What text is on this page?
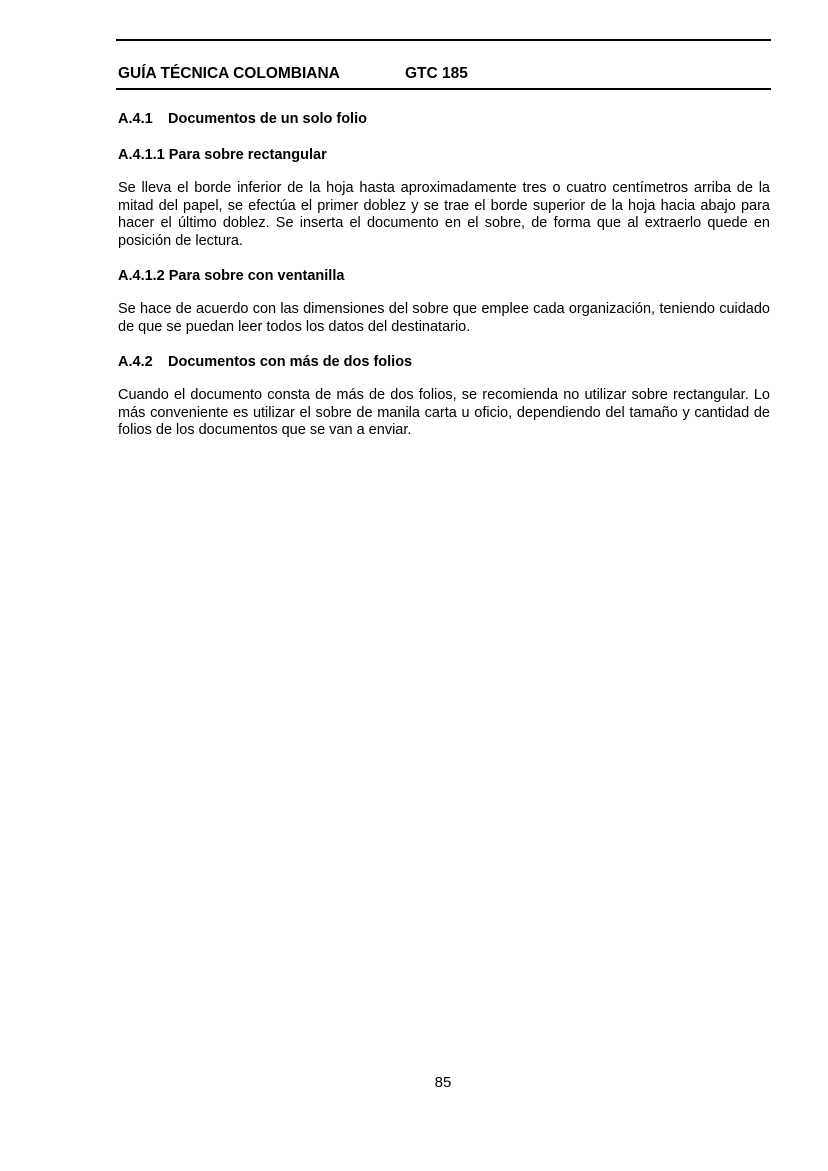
GUÍA TÉCNICA COLOMBIANA	GTC 185

A.4.1 Documentos de un solo folio

A.4.1.1 Para sobre rectangular

Se lleva el borde inferior de la hoja hasta aproximadamente tres o cuatro centímetros arriba de la mitad del papel, se efectúa el primer doblez y se trae el borde superior de la hoja hacia abajo para hacer el último doblez. Se inserta el documento en el sobre, de forma que al extraerlo quede en posición de lectura.

A.4.1.2 Para sobre con ventanilla

Se hace de acuerdo con las dimensiones del sobre que emplee cada organización, teniendo cuidado de que se puedan leer todos los datos del destinatario.

A.4.2 Documentos con más de dos folios

Cuando el documento consta de más de dos folios, se recomienda no utilizar sobre rectangular. Lo más conveniente es utilizar el sobre de manila carta u oficio, dependiendo del tamaño y cantidad de folios de los documentos que se van a enviar.

85
